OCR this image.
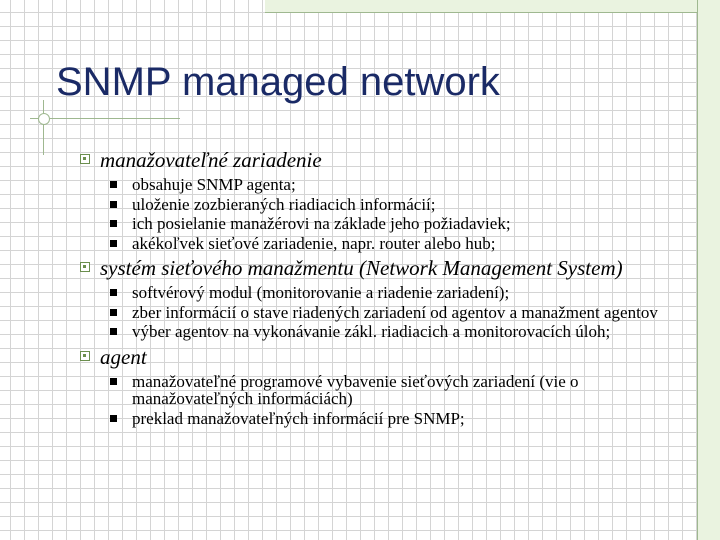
SNMP managed network
manažovateľné zariadenie
obsahuje SNMP agenta;
uloženie zozbieraných riadiacich informácií;
ich posielanie manažérovi na základe jeho požiadaviek;
akékoľvek sieťové zariadenie, napr. router alebo hub;
systém sieťového manažmentu (Network Management System)
softvérový modul (monitorovanie a riadenie zariadení);
zber informácií o stave riadených zariadení od agentov a manažment agentov
výber agentov na vykonávanie zákl. riadiacich a monitorovacích úloh;
agent
manažovateľné programové vybavenie sieťových zariadení (vie o manažovateľných informáciách)
preklad manažovateľných informácií pre SNMP;
